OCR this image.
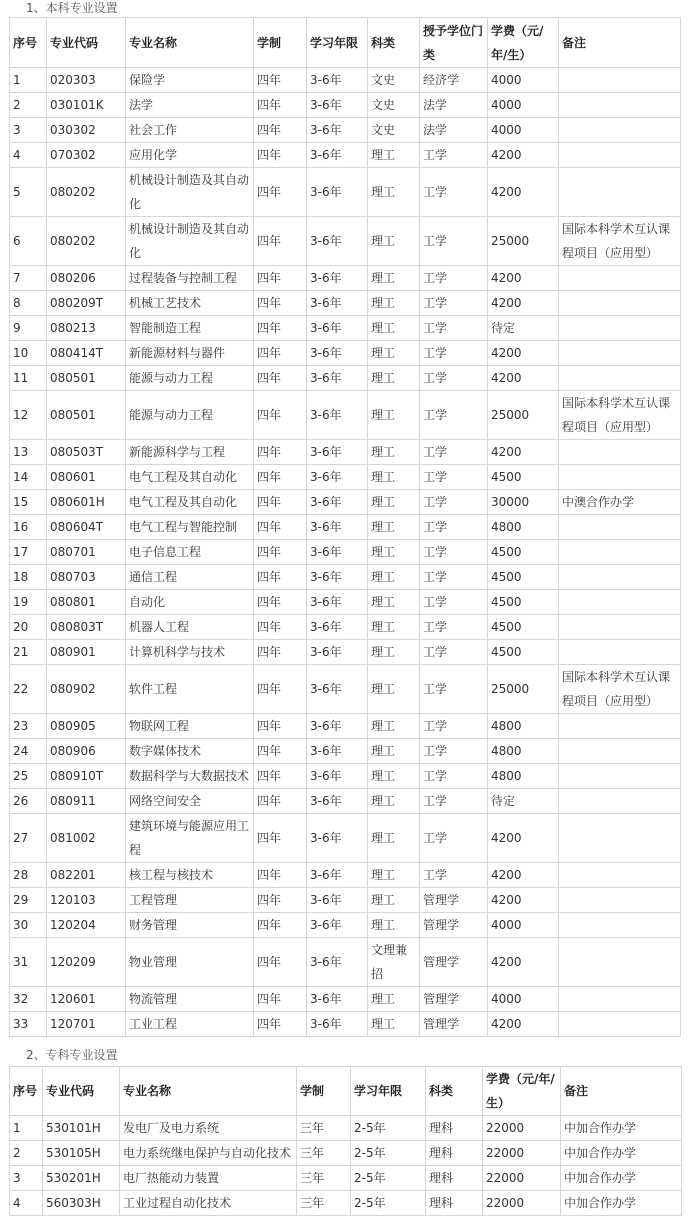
1、本科专业设置
序号	专业代码	专业名称	学制	学习年限	科类	授予学位门类	学费（元/年/生）	备注
1	020303	保险学	四年	3-6年	文史	经济学	4000	
2	030101K	法学	四年	3-6年	文史	法学	4000	
3	030302	社会工作	四年	3-6年	文史	法学	4000	
4	070302	应用化学	四年	3-6年	理工	工学	4200	
5	080202	机械设计制造及其自动化	四年	3-6年	理工	工学	4200	
6	080202	机械设计制造及其自动化	四年	3-6年	理工	工学	25000	国际本科学术互认课程项目（应用型）
7	080206	过程装备与控制工程	四年	3-6年	理工	工学	4200	
8	080209T	机械工艺技术	四年	3-6年	理工	工学	4200	
9	080213	智能制造工程	四年	3-6年	理工	工学	待定	
10	080414T	新能源材料与器件	四年	3-6年	理工	工学	4200	
11	080501	能源与动力工程	四年	3-6年	理工	工学	4200	
12	080501	能源与动力工程	四年	3-6年	理工	工学	25000	国际本科学术互认课程项目（应用型）
13	080503T	新能源科学与工程	四年	3-6年	理工	工学	4200	
14	080601	电气工程及其自动化	四年	3-6年	理工	工学	4500	
15	080601H	电气工程及其自动化	四年	3-6年	理工	工学	30000	中澳合作办学
16	080604T	电气工程与智能控制	四年	3-6年	理工	工学	4800	
17	080701	电子信息工程	四年	3-6年	理工	工学	4500	
18	080703	通信工程	四年	3-6年	理工	工学	4500	
19	080801	自动化	四年	3-6年	理工	工学	4500	
20	080803T	机器人工程	四年	3-6年	理工	工学	4500	
21	080901	计算机科学与技术	四年	3-6年	理工	工学	4500	
22	080902	软件工程	四年	3-6年	理工	工学	25000	国际本科学术互认课程项目（应用型）
23	080905	物联网工程	四年	3-6年	理工	工学	4800	
24	080906	数字媒体技术	四年	3-6年	理工	工学	4800	
25	080910T	数据科学与大数据技术	四年	3-6年	理工	工学	4800	
26	080911	网络空间安全	四年	3-6年	理工	工学	待定	
27	081002	建筑环境与能源应用工程	四年	3-6年	理工	工学	4200	
28	082201	核工程与核技术	四年	3-6年	理工	工学	4200	
29	120103	工程管理	四年	3-6年	理工	管理学	4200	
30	120204	财务管理	四年	3-6年	理工	管理学	4000	
31	120209	物业管理	四年	3-6年	文理兼招	管理学	4200	
32	120601	物流管理	四年	3-6年	理工	管理学	4000	
33	120701	工业工程	四年	3-6年	理工	管理学	4200	
2、专科专业设置
序号	专业代码	专业名称	学制	学习年限	科类	学费（元/年/生）	备注
1	530101H	发电厂及电力系统	三年	2-5年	理科	22000	中加合作办学
2	530105H	电力系统继电保护与自动化技术	三年	2-5年	理科	22000	中加合作办学
3	530201H	电厂热能动力装置	三年	2-5年	理科	22000	中加合作办学
4	560303H	工业过程自动化技术	三年	2-5年	理科	22000	中加合作办学
